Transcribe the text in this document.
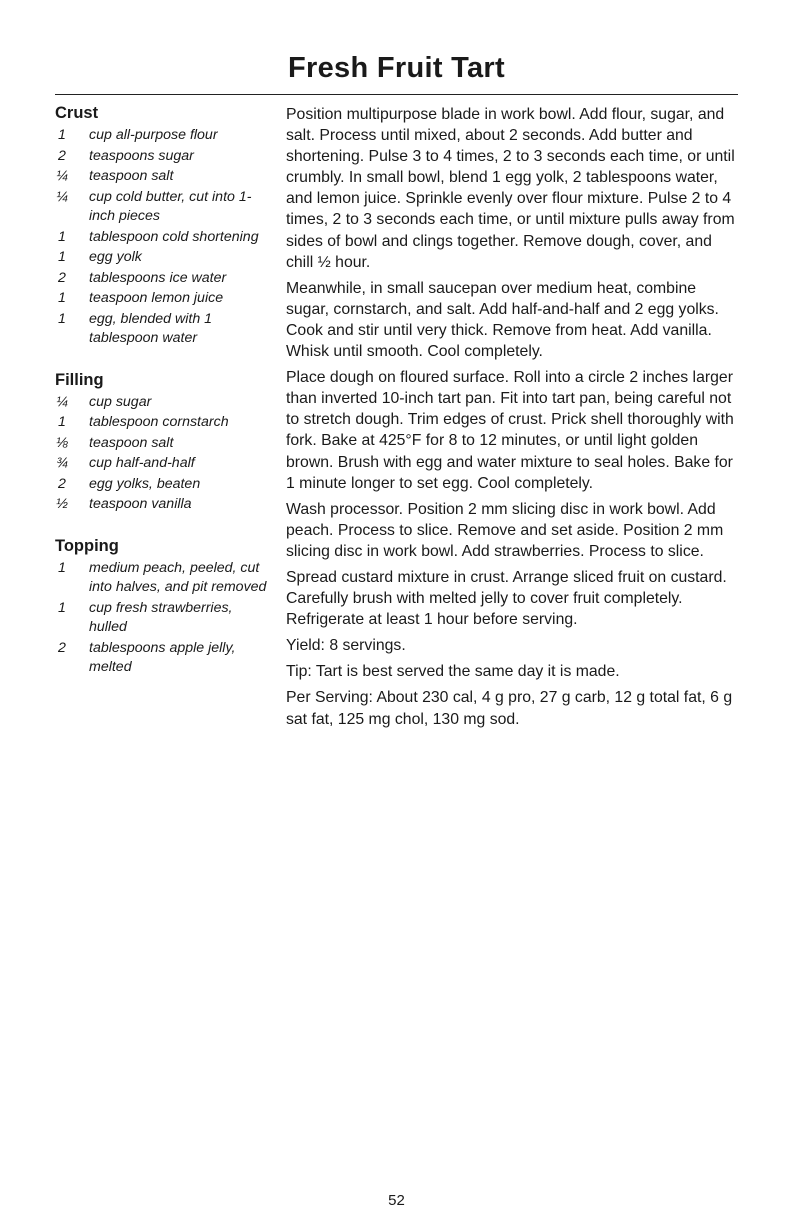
Fresh Fruit Tart
Crust
1 cup all-purpose flour
2 teaspoons sugar
¼ teaspoon salt
¼ cup cold butter, cut into 1-inch pieces
1 tablespoon cold shortening
1 egg yolk
2 tablespoons ice water
1 teaspoon lemon juice
1 egg, blended with 1 tablespoon water
Filling
¼ cup sugar
1 tablespoon cornstarch
⅛ teaspoon salt
¾ cup half-and-half
2 egg yolks, beaten
½ teaspoon vanilla
Topping
1 medium peach, peeled, cut into halves, and pit removed
1 cup fresh strawberries, hulled
2 tablespoons apple jelly, melted

Position multipurpose blade in work bowl. Add flour, sugar, and salt. Process until mixed, about 2 seconds. Add butter and shortening. Pulse 3 to 4 times, 2 to 3 seconds each time, or until crumbly. In small bowl, blend 1 egg yolk, 2 tablespoons water, and lemon juice. Sprinkle evenly over flour mixture. Pulse 2 to 4 times, 2 to 3 seconds each time, or until mixture pulls away from sides of bowl and clings together. Remove dough, cover, and chill ½ hour.

Meanwhile, in small saucepan over medium heat, combine sugar, cornstarch, and salt. Add half-and-half and 2 egg yolks. Cook and stir until very thick. Remove from heat. Add vanilla. Whisk until smooth. Cool completely.

Place dough on floured surface. Roll into a circle 2 inches larger than inverted 10-inch tart pan. Fit into tart pan, being careful not to stretch dough. Trim edges of crust. Prick shell thoroughly with fork. Bake at 425°F for 8 to 12 minutes, or until light golden brown. Brush with egg and water mixture to seal holes. Bake for 1 minute longer to set egg. Cool completely.

Wash processor. Position 2 mm slicing disc in work bowl. Add peach. Process to slice. Remove and set aside. Position 2 mm slicing disc in work bowl. Add strawberries. Process to slice.

Spread custard mixture in crust. Arrange sliced fruit on custard. Carefully brush with melted jelly to cover fruit completely. Refrigerate at least 1 hour before serving.

Yield: 8 servings.

Tip: Tart is best served the same day it is made.

Per Serving: About 230 cal, 4 g pro, 27 g carb, 12 g total fat, 6 g sat fat, 125 mg chol, 130 mg sod.

52
